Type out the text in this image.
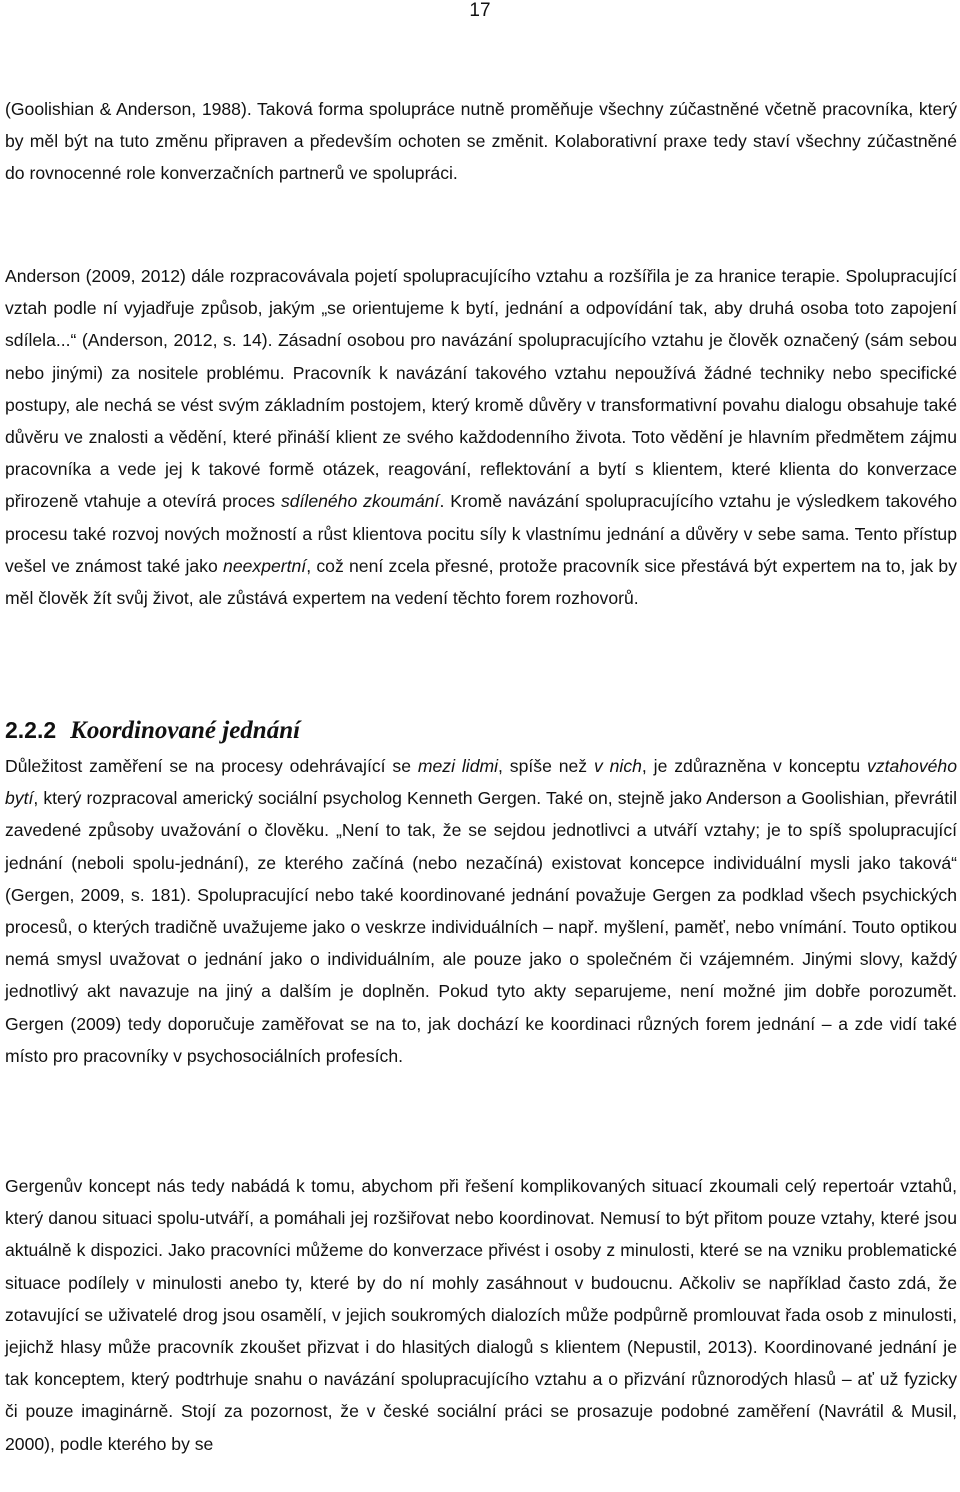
17

(Goolishian & Anderson, 1988). Taková forma spolupráce nutně proměňuje všechny zúčastněné včetně pracovníka, který by měl být na tuto změnu připraven a především ochoten se změnit. Kolaborativní praxe tedy staví všechny zúčastněné do rovnocenné role konverzačních partnerů ve spolupráci.

Anderson (2009, 2012) dále rozpracovávala pojetí spolupracujícího vztahu a rozšířila je za hranice terapie. Spolupracující vztah podle ní vyjadřuje způsob, jakým „se orientujeme k bytí, jednání a odpovídání tak, aby druhá osoba toto zapojení sdílela...“ (Anderson, 2012, s. 14). Zásadní osobou pro navázání spolupracujícího vztahu je člověk označený (sám sebou nebo jinými) za nositele problému. Pracovník k navázání takového vztahu nepoužívá žádné techniky nebo specifické postupy, ale nechá se vést svým základním postojem, který kromě důvěry v transformativní povahu dialogu obsahuje také důvěru ve znalosti a vědění, které přináší klient ze svého každodenního života. Toto vědění je hlavním předmětem zájmu pracovníka a vede jej k takové formě otázek, reagování, reflektování a bytí s klientem, které klienta do konverzace přirozeně vtahuje a otevírá proces sdíleného zkoumání. Kromě navázání spolupracujícího vztahu je výsledkem takového procesu také rozvoj nových možností a růst klientova pocitu síly k vlastnímu jednání a důvěry v sebe sama. Tento přístup vešel ve známost také jako neexpertní, což není zcela přesné, protože pracovník sice přestává být expertem na to, jak by měl člověk žít svůj život, ale zůstává expertem na vedení těchto forem rozhovorů.

2.2.2 Koordinované jednání

Důležitost zaměření se na procesy odehrávající se mezi lidmi, spíše než v nich, je zdůrazněna v konceptu vztahového bytí, který rozpracoval americký sociální psycholog Kenneth Gergen. Také on, stejně jako Anderson a Goolishian, převrátil zavedené způsoby uvažování o člověku. „Není to tak, že se sejdou jednotlivci a utváří vztahy; je to spíš spolupracující jednání (neboli spolu-jednání), ze kterého začíná (nebo nezačíná) existovat koncepce individuální mysli jako taková“ (Gergen, 2009, s. 181). Spolupracující nebo také koordinované jednání považuje Gergen za podklad všech psychických procesů, o kterých tradičně uvažujeme jako o veskrze individuálních – např. myšlení, paměť, nebo vnímání. Touto optikou nemá smysl uvažovat o jednání jako o individuálním, ale pouze jako o společném či vzájemném. Jinými slovy, každý jednotlivý akt navazuje na jiný a dalším je doplněn. Pokud tyto akty separujeme, není možné jim dobře porozumět. Gergen (2009) tedy doporučuje zaměřovat se na to, jak dochází ke koordinaci různých forem jednání – a zde vidí také místo pro pracovníky v psychosociálních profesích.

Gergenův koncept nás tedy nabádá k tomu, abychom při řešení komplikovaných situací zkoumali celý repertoár vztahů, který danou situaci spolu-utváří, a pomáhali jej rozšiřovat nebo koordinovat. Nemusí to být přitom pouze vztahy, které jsou aktuálně k dispozici. Jako pracovníci můžeme do konverzace přivést i osoby z minulosti, které se na vzniku problematické situace podílely v minulosti anebo ty, které by do ní mohly zasáhnout v budoucnu. Ačkoliv se například často zdá, že zotavující se uživatelé drog jsou osamělí, v jejich soukromých dialozích může podpůrně promlouvat řada osob z minulosti, jejichž hlasy může pracovník zkoušet přizvat i do hlasitých dialogů s klientem (Nepustil, 2013). Koordinované jednání je tak konceptem, který podtrhuje snahu o navázání spolupracujícího vztahu a o přizvání různorodých hlasů – ať už fyzicky či pouze imaginárně. Stojí za pozornost, že v české sociální práci se prosazuje podobné zaměření (Navrátil & Musil, 2000), podle kterého by se
